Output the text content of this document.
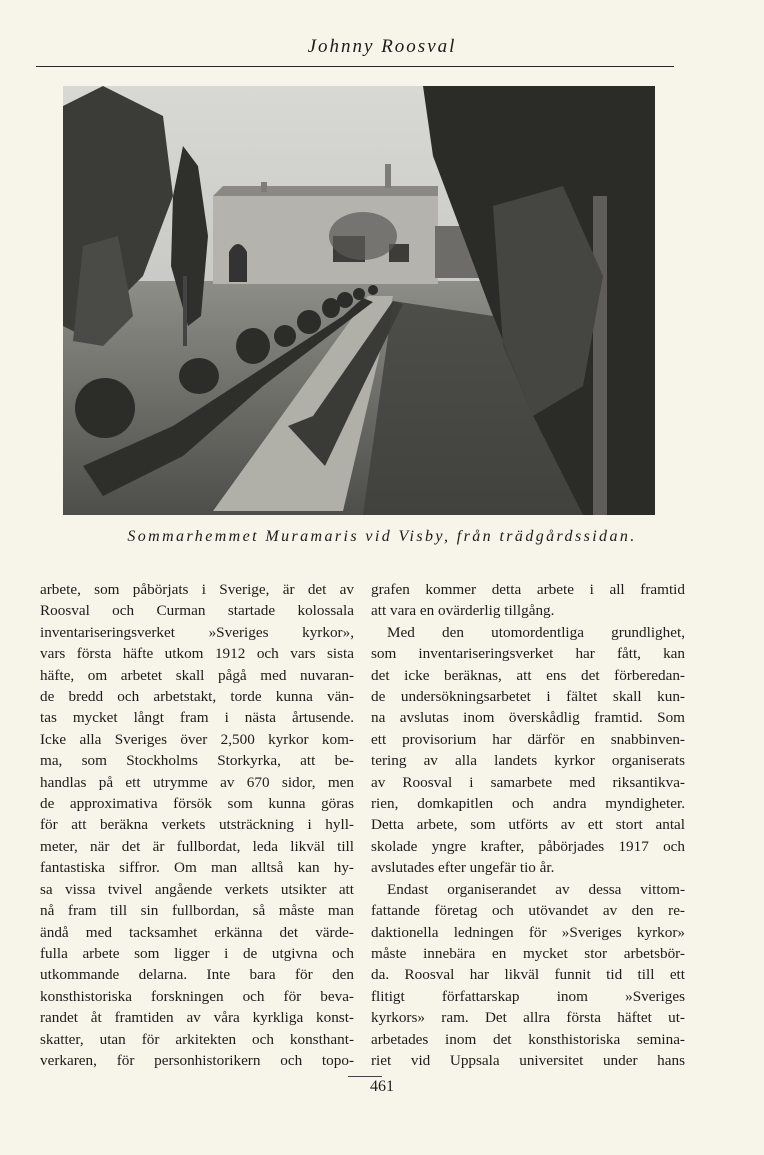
Johnny Roosval
Sommarhemmet Muramaris vid Visby, från trädgårdssidan.
arbete, som påbörjats i Sverige, är det av
Roosval och Curman startade kolossala
inventariseringsverket »Sveriges kyrkor»,
vars första häfte utkom 1912 och vars sista
häfte, om arbetet skall pågå med nuvaran-
de bredd och arbetstakt, torde kunna vän-
tas mycket långt fram i nästa årtusende.
Icke alla Sveriges över 2,500 kyrkor kom-
ma, som Stockholms Storkyrka, att be-
handlas på ett utrymme av 670 sidor, men
de approximativa försök som kunna göras
för att beräkna verkets utsträckning i hyll-
meter, när det är fullbordat, leda likväl till
fantastiska siffror. Om man alltså kan hy-
sa vissa tvivel angående verkets utsikter att
nå fram till sin fullbordan, så måste man
ändå med tacksamhet erkänna det värde-
fulla arbete som ligger i de utgivna och
utkommande delarna. Inte bara för den
konsthistoriska forskningen och för beva-
randet åt framtiden av våra kyrkliga konst-
skatter, utan för arkitekten och konsthant-
verkaren, för personhistorikern och topo-
grafen kommer detta arbete i all framtid
att vara en ovärderlig tillgång.
Med den utomordentliga grundlighet,
som inventariseringsverket har fått, kan
det icke beräknas, att ens det förberedan-
de undersökningsarbetet i fältet skall kun-
na avslutas inom överskådlig framtid. Som
ett provisorium har därför en snabbinven-
tering av alla landets kyrkor organiserats
av Roosval i samarbete med riksantikva-
rien, domkapitlen och andra myndigheter.
Detta arbete, som utförts av ett stort antal
skolade yngre krafter, påbörjades 1917 och
avslutades efter ungefär tio år.
Endast organiserandet av dessa vittom-
fattande företag och utövandet av den re-
daktionella ledningen för »Sveriges kyrkor»
måste innebära en mycket stor arbetsbör-
da. Roosval har likväl funnit tid till ett
flitigt författarskap inom »Sveriges
kyrkors» ram. Det allra första häftet ut-
arbetades inom det konsthistoriska semina-
riet vid Uppsala universitet under hans
461
